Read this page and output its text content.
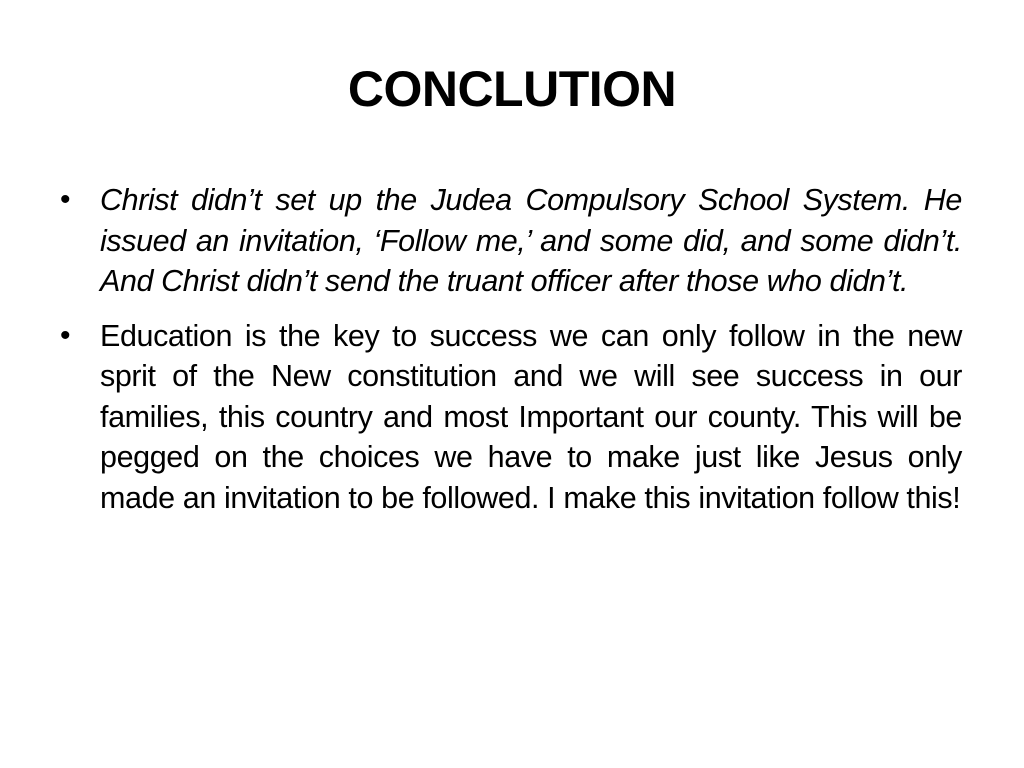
CONCLUTION
• Christ didn’t set up the Judea Compulsory School System. He issued an invitation, ‘Follow me,’ and some did, and some didn’t. And Christ didn’t send the truant officer after those who didn’t.
• Education is the key to success we can only follow in the new sprit of the New constitution and we will see success in our families, this country and most Important our county. This will be pegged on the choices we have to make just like Jesus only made an invitation to be followed. I make this invitation follow this!
